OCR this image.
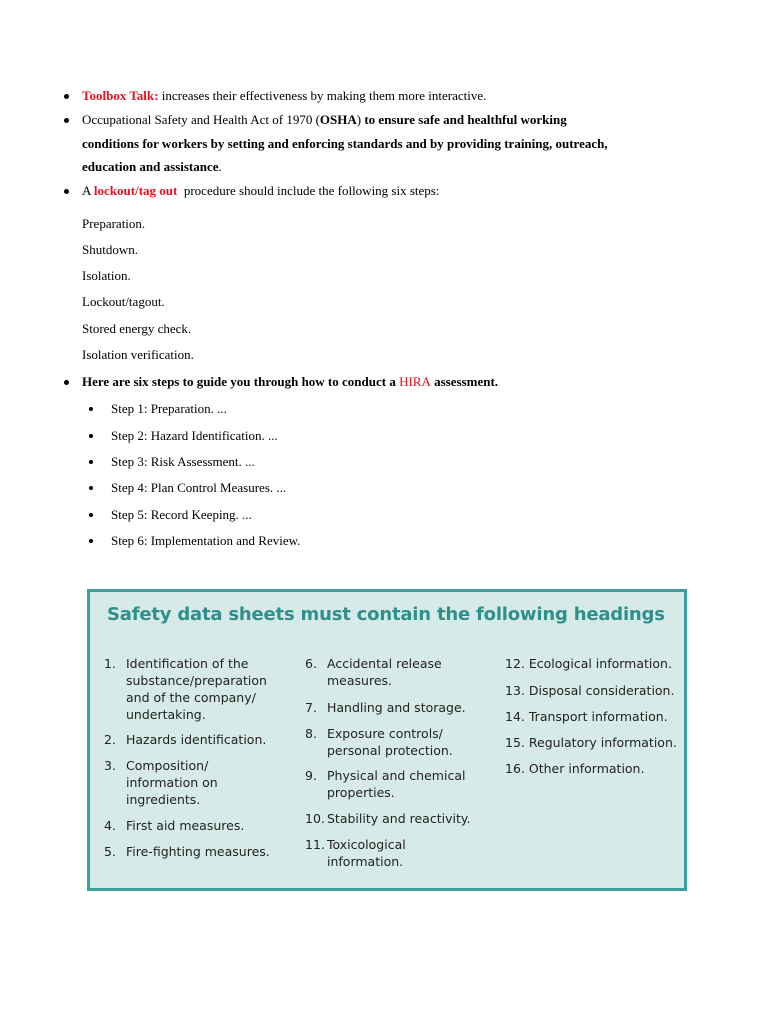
Toolbox Talk: increases their effectiveness by making them more interactive.
Occupational Safety and Health Act of 1970 (OSHA) to ensure safe and healthful working
conditions for workers by setting and enforcing standards and by providing training, outreach,
education and assistance.
A lockout/tag out  procedure should include the following six steps:
Preparation.
Shutdown.
Isolation.
Lockout/tagout.
Stored energy check.
Isolation verification.
Here are six steps to guide you through how to conduct a HIRA assessment.
Step 1: Preparation. ...
Step 2: Hazard Identification. ...
Step 3: Risk Assessment. ...
Step 4: Plan Control Measures. ...
Step 5: Record Keeping. ...
Step 6: Implementation and Review.
Safety data sheets must contain the following headings
1. Identification of the
substance/preparation
and of the company/
undertaking.
2. Hazards identification.
3. Composition/
information on
ingredients.
4. First aid measures.
5. Fire-fighting measures.
6. Accidental release
measures.
7. Handling and storage.
8. Exposure controls/
personal protection.
9. Physical and chemical
properties.
10. Stability and reactivity.
11. Toxicological
information.
12. Ecological information.
13. Disposal consideration.
14. Transport information.
15. Regulatory information.
16. Other information.
